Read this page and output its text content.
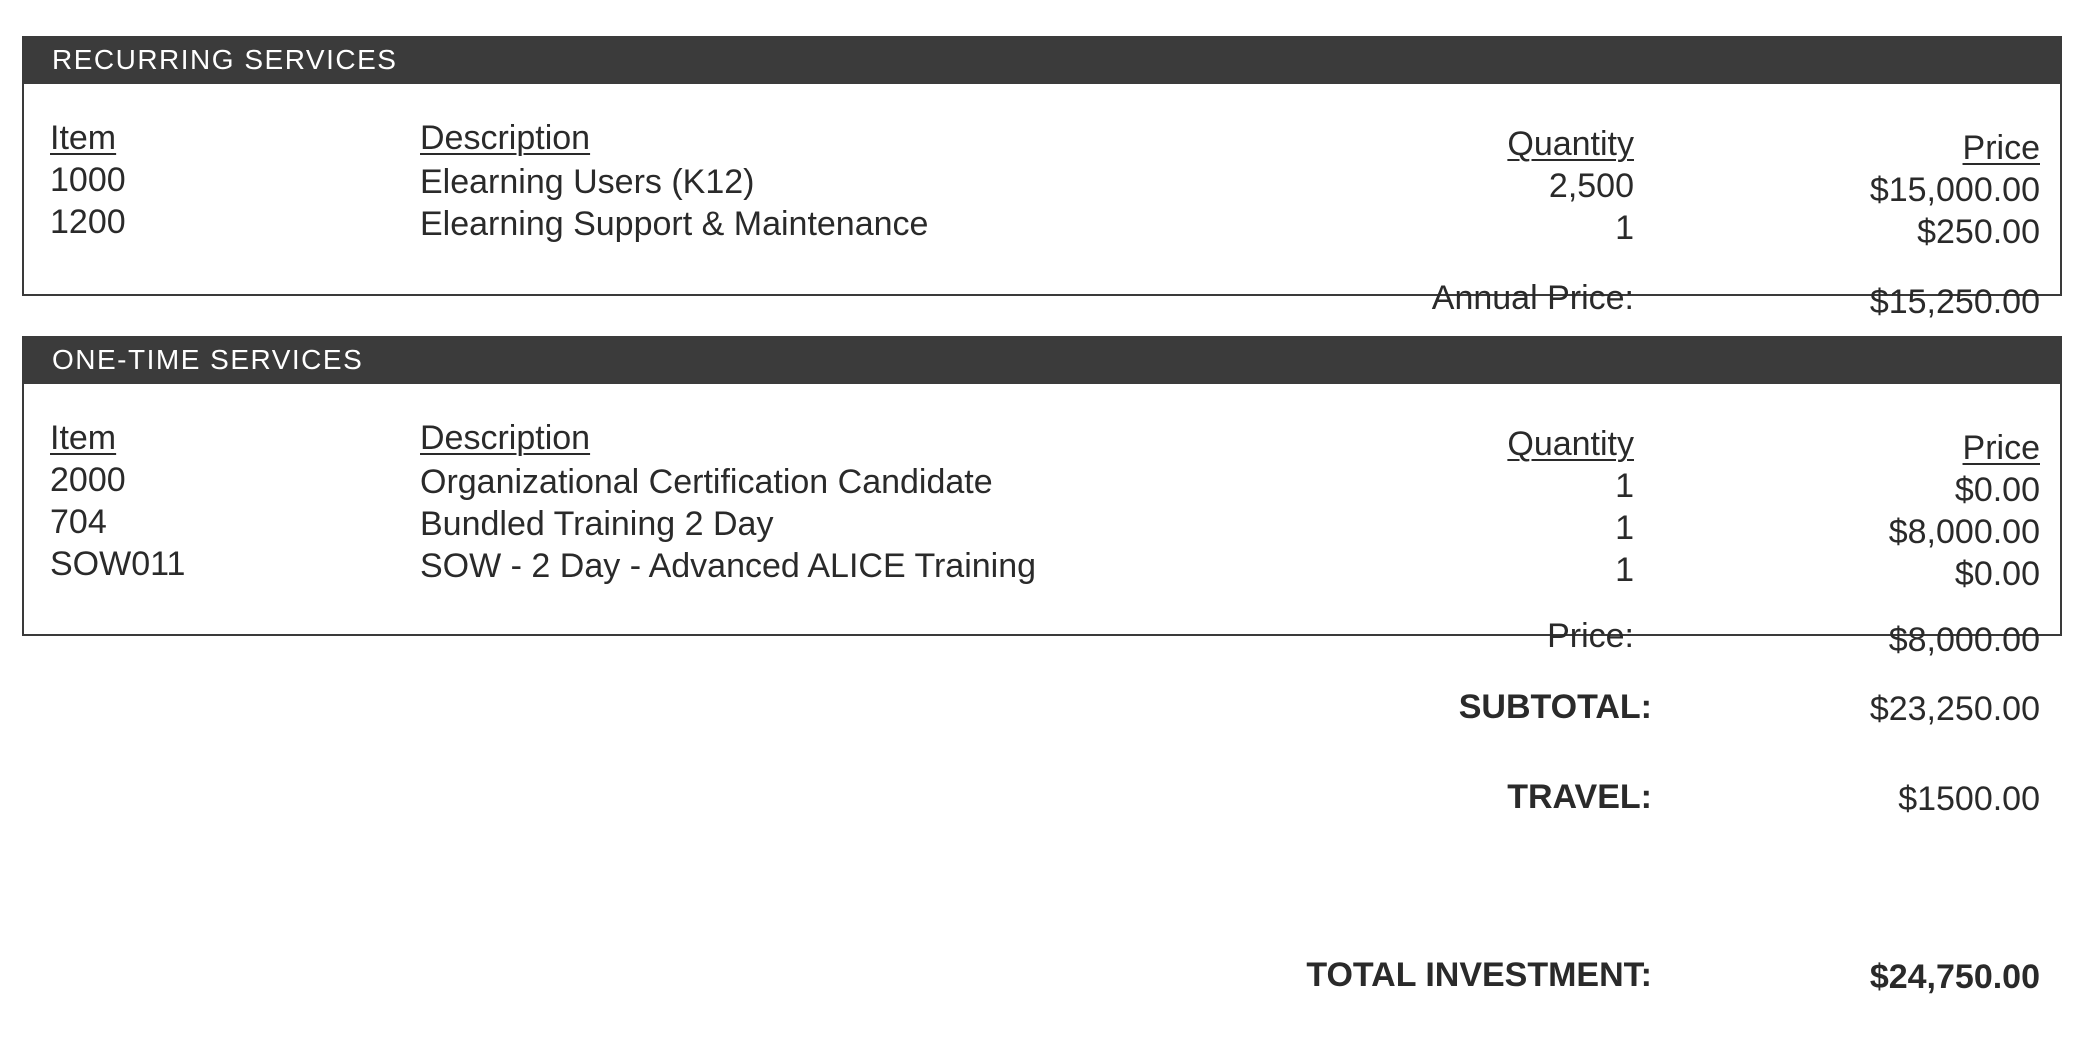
RECURRING SERVICES
Item	Description	Quantity	Price
1000	Elearning Users (K12)	2,500	$15,000.00
1200	Elearning Support & Maintenance	1	$250.00
Annual Price:	$15,250.00
ONE-TIME SERVICES
Item	Description	Quantity	Price
2000	Organizational Certification Candidate	1	$0.00
704	Bundled Training 2 Day	1	$8,000.00
SOW011	SOW - 2 Day - Advanced ALICE Training	1	$0.00
Price:	$8,000.00
SUBTOTAL:	$23,250.00
TRAVEL:	$1500.00
TOTAL INVESTMENT:	$24,750.00
